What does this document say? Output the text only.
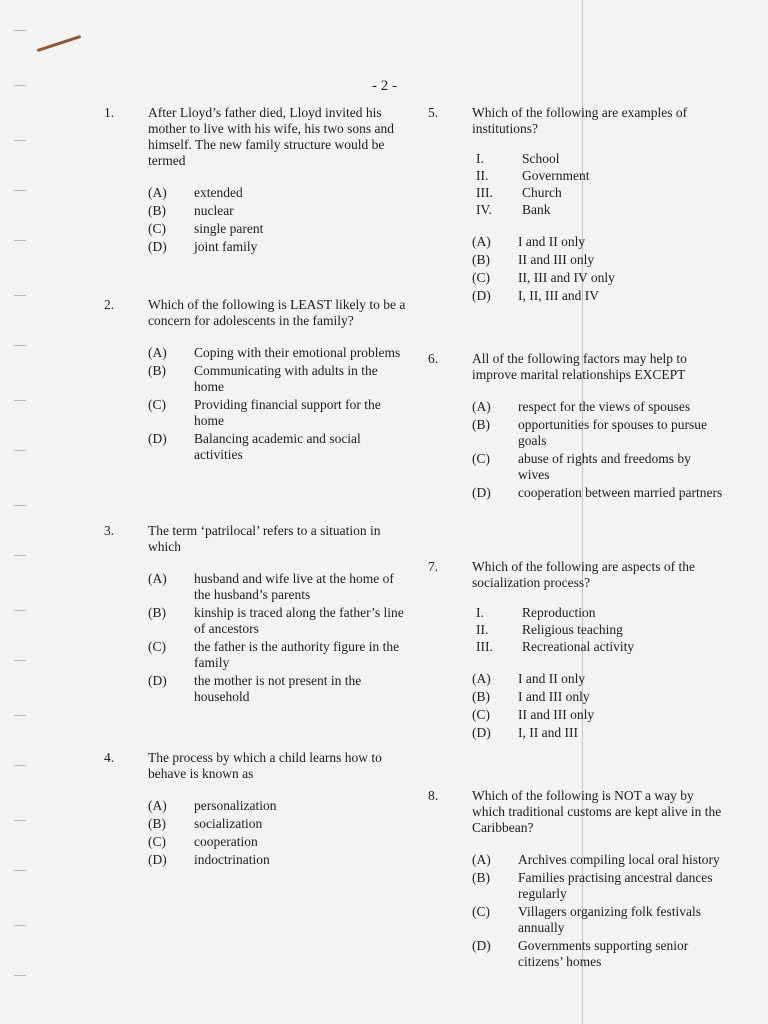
- 2 -
1.	After Lloyd’s father died, Lloyd invited his mother to live with his wife, his two sons and himself. The new family structure would be termed
(A)	extended
(B)	nuclear
(C)	single parent
(D)	joint family
2.	Which of the following is LEAST likely to be a concern for adolescents in the family?
(A)	Coping with their emotional problems
(B)	Communicating with adults in the home
(C)	Providing financial support for the home
(D)	Balancing academic and social activities
3.	The term ‘patrilocal’ refers to a situation in which
(A)	husband and wife live at the home of the husband’s parents
(B)	kinship is traced along the father’s line of ancestors
(C)	the father is the authority figure in the family
(D)	the mother is not present in the household
4.	The process by which a child learns how to behave is known as
(A)	personalization
(B)	socialization
(C)	cooperation
(D)	indoctrination
5.	Which of the following are examples of institutions?
I.	School
II.	Government
III.	Church
IV.	Bank
(A)	I and II only
(B)	II and III only
(C)	II, III and IV only
(D)	I, II, III and IV
6.	All of the following factors may help to improve marital relationships EXCEPT
(A)	respect for the views of spouses
(B)	opportunities for spouses to pursue goals
(C)	abuse of rights and freedoms by wives
(D)	cooperation between married partners
7.	Which of the following are aspects of the socialization process?
I.	Reproduction
II.	Religious teaching
III.	Recreational activity
(A)	I and II only
(B)	I and III only
(C)	II and III only
(D)	I, II and III
8.	Which of the following is NOT a way by which traditional customs are kept alive in the Caribbean?
(A)	Archives compiling local oral history
(B)	Families practising ancestral dances regularly
(C)	Villagers organizing folk festivals annually
(D)	Governments supporting senior citizens’ homes
